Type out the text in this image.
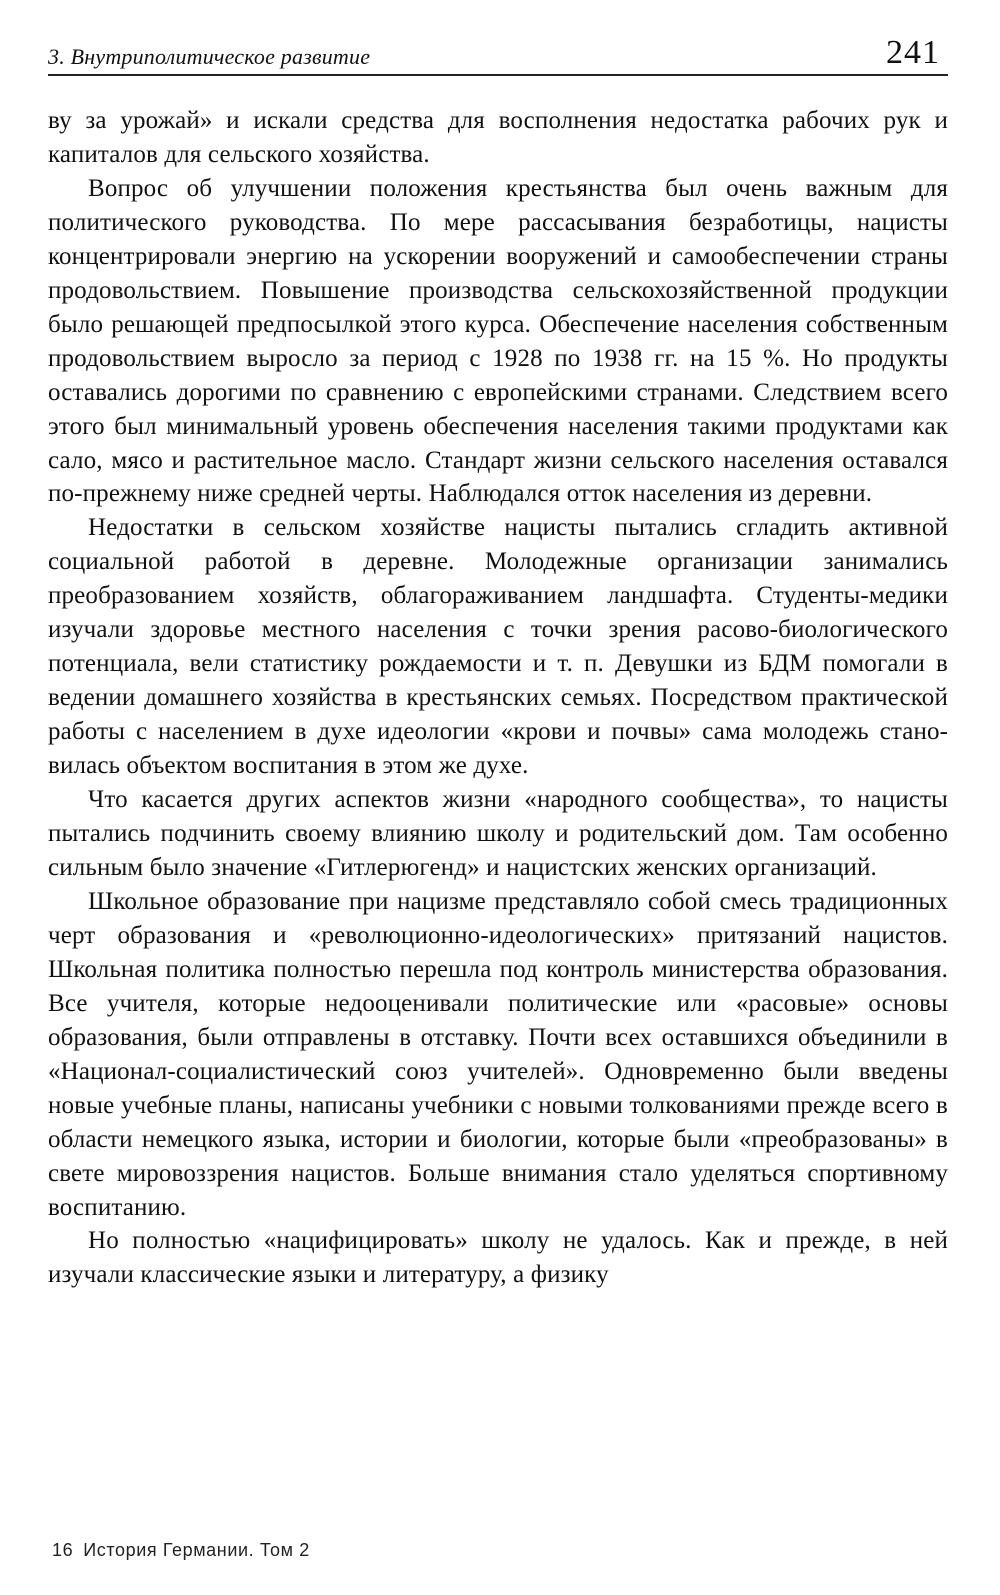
3. Внутриполитическое развитие	241

ву за урожай» и искали средства для восполнения недостатка рабочих рук и капиталов для сельского хозяйства.

Вопрос об улучшении положения крестьянства был очень важным для политического руководства. По мере рассасывания безработицы, нацисты концентрировали энергию на ускорении вооружений и самообеспечении страны продовольствием. Повышение производства сельскохозяйственной продукции было решающей предпосылкой этого курса. Обеспечение населения собственным продовольствием выросло за период с 1928 по 1938 гг. на 15 %. Но продукты оставались дорогими по сравнению с европейскими странами. Следствием всего этого был минимальный уровень обеспечения населения такими продуктами как сало, мясо и растительное масло. Стандарт жизни сельского населения оставался по-прежнему ниже средней черты. Наблюдался отток населения из деревни.

Недостатки в сельском хозяйстве нацисты пытались сгладить активной социальной работой в деревне. Молодежные организации занимались преобразованием хозяйств, облагораживанием ландшафта. Студенты-медики изучали здоровье местного населения с точки зрения расово-биологического потенциала, вели статистику рождаемости и т. п. Девушки из БДМ помогали в ведении домашнего хозяйства в крестьянских семьях. Посредством практической работы с населением в духе идеологии «крови и почвы» сама молодежь становилась объектом воспитания в этом же духе.

Что касается других аспектов жизни «народного сообщества», то нацисты пытались подчинить своему влиянию школу и родительский дом. Там особенно сильным было значение «Гитлерюгенд» и нацистских женских организаций.

Школьное образование при нацизме представляло собой смесь традиционных черт образования и «революционно-идеологических» притязаний нацистов. Школьная политика полностью перешла под контроль министерства образования. Все учителя, которые недооценивали политические или «расовые» основы образования, были отправлены в отставку. Почти всех оставшихся объединили в «Национал-социалистический союз учителей». Одновременно были введены новые учебные планы, написаны учебники с новыми толкованиями прежде всего в области немецкого языка, истории и биологии, которые были «преобразованы» в свете мировоззрения нацистов. Больше внимания стало уделяться спортивному воспитанию.

Но полностью «нацифицировать» школу не удалось. Как и прежде, в ней изучали классические языки и литературу, а физику

16 История Германии. Том 2
